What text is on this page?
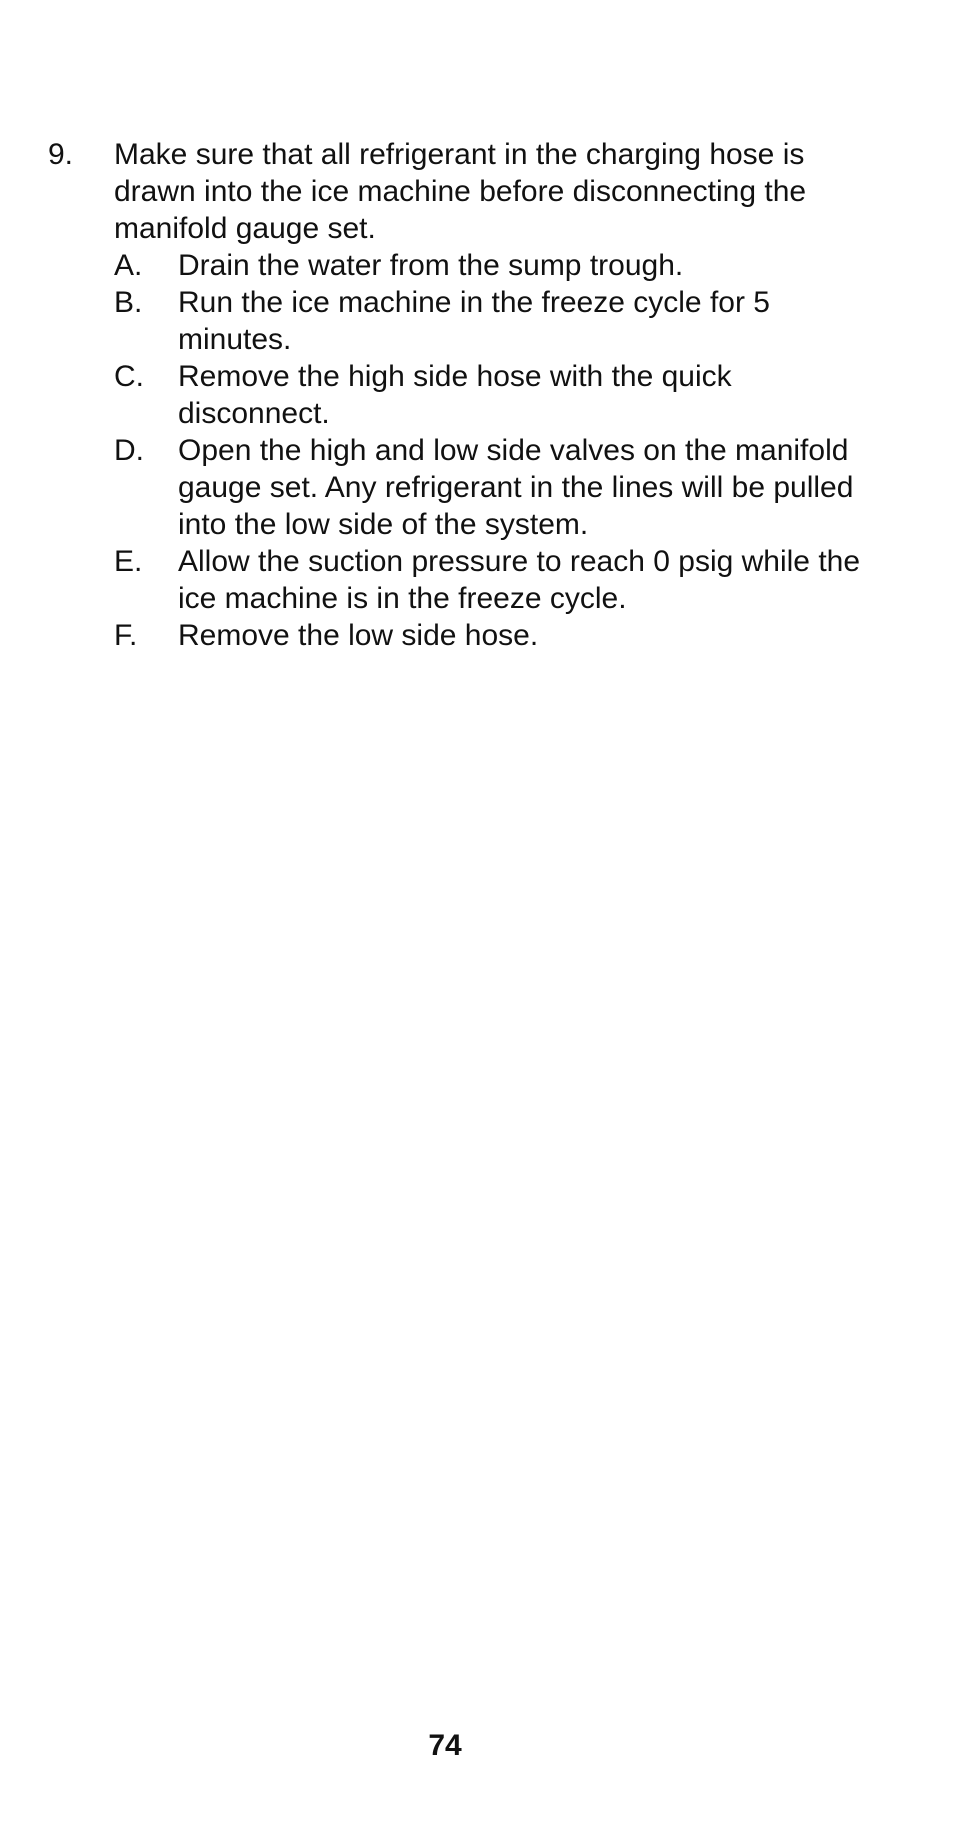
9.	Make sure that all refrigerant in the charging hose is drawn into the ice machine before disconnecting the manifold gauge set.
A.	Drain the water from the sump trough.
B.	Run the ice machine in the freeze cycle for 5 minutes.
C.	Remove the high side hose with the quick disconnect.
D.	Open the high and low side valves on the manifold gauge set. Any refrigerant in the lines will be pulled into the low side of the system.
E.	Allow the suction pressure to reach 0 psig while the ice machine is in the freeze cycle.
F.	Remove the low side hose.
74
